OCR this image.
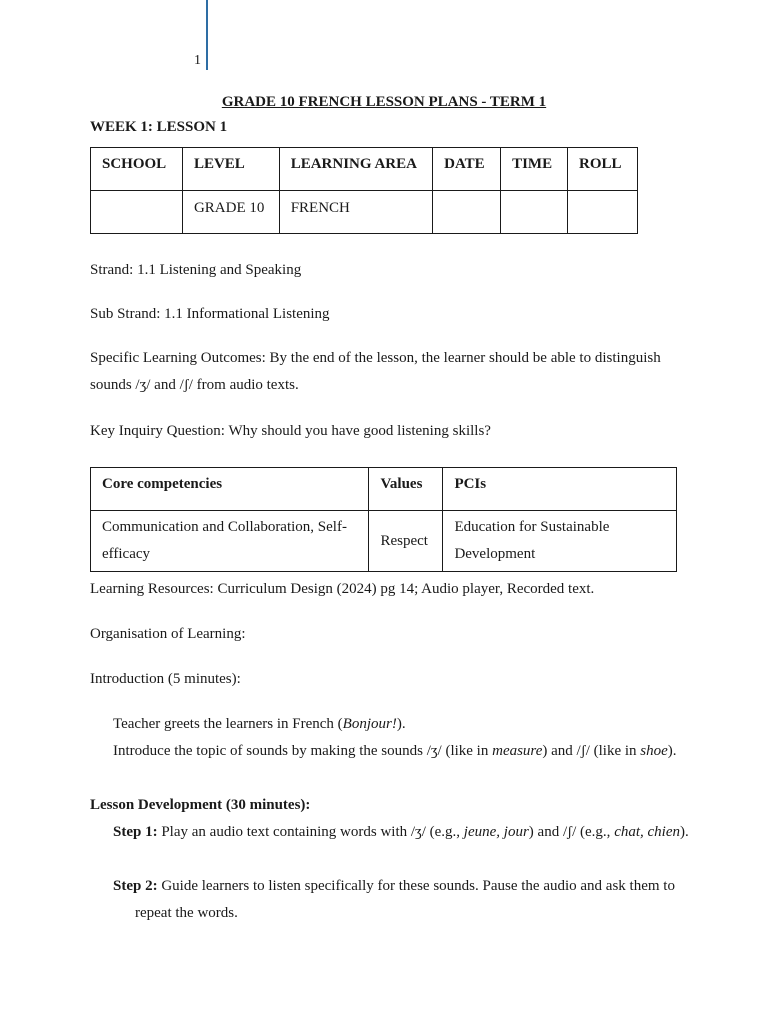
1
GRADE 10 FRENCH LESSON PLANS - TERM 1
WEEK 1: LESSON 1
SCHOOL	LEVEL	LEARNING AREA	DATE	TIME	ROLL
	GRADE 10	FRENCH			
Strand: 1.1 Listening and Speaking
Sub Strand: 1.1 Informational Listening
Specific Learning Outcomes: By the end of the lesson, the learner should be able to distinguish sounds /ʒ/ and /ʃ/ from audio texts.
Key Inquiry Question: Why should you have good listening skills?
Core competencies	Values	PCIs
Communication and Collaboration, Self-efficacy	Respect	Education for Sustainable Development
Learning Resources: Curriculum Design (2024) pg 14; Audio player, Recorded text.
Organisation of Learning:
Introduction (5 minutes):
Teacher greets the learners in French (Bonjour!).
Introduce the topic of sounds by making the sounds /ʒ/ (like in measure) and /ʃ/ (like in shoe).
Lesson Development (30 minutes):
Step 1: Play an audio text containing words with /ʒ/ (e.g., jeune, jour) and /ʃ/ (e.g., chat, chien).
Step 2: Guide learners to listen specifically for these sounds. Pause the audio and ask them to repeat the words.
